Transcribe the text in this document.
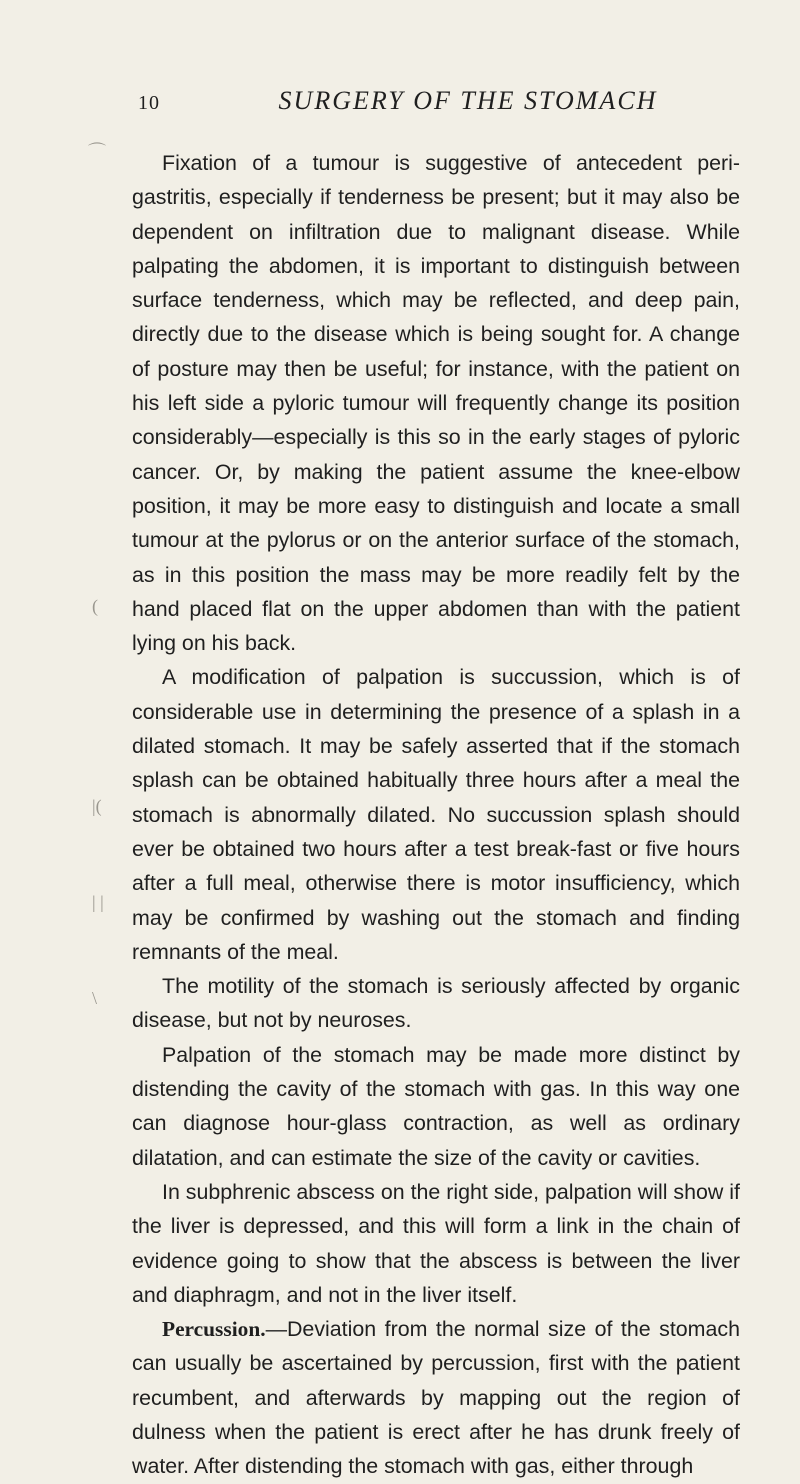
10	SURGERY OF THE STOMACH
⌒
(
|(
| |
\

Fixation of a tumour is suggestive of antecedent peri-gastritis, especially if tenderness be present; but it may also be dependent on infiltration due to malignant disease. While palpating the abdomen, it is important to distinguish between surface tenderness, which may be reflected, and deep pain, directly due to the disease which is being sought for. A change of posture may then be useful; for instance, with the patient on his left side a pyloric tumour will frequently change its position considerably—especially is this so in the early stages of pyloric cancer. Or, by making the patient assume the knee-elbow position, it may be more easy to distinguish and locate a small tumour at the pylorus or on the anterior surface of the stomach, as in this position the mass may be more readily felt by the hand placed flat on the upper abdomen than with the patient lying on his back.

A modification of palpation is succussion, which is of considerable use in determining the presence of a splash in a dilated stomach. It may be safely asserted that if the stomach splash can be obtained habitually three hours after a meal the stomach is abnormally dilated. No succussion splash should ever be obtained two hours after a test break-fast or five hours after a full meal, otherwise there is motor insufficiency, which may be confirmed by washing out the stomach and finding remnants of the meal.

The motility of the stomach is seriously affected by organic disease, but not by neuroses.

Palpation of the stomach may be made more distinct by distending the cavity of the stomach with gas. In this way one can diagnose hour-glass contraction, as well as ordinary dilatation, and can estimate the size of the cavity or cavities.

In subphrenic abscess on the right side, palpation will show if the liver is depressed, and this will form a link in the chain of evidence going to show that the abscess is between the liver and diaphragm, and not in the liver itself.

Percussion.—Deviation from the normal size of the stomach can usually be ascertained by percussion, first with the patient recumbent, and afterwards by mapping out the region of dulness when the patient is erect after he has drunk freely of water. After distending the stomach with gas, either through
